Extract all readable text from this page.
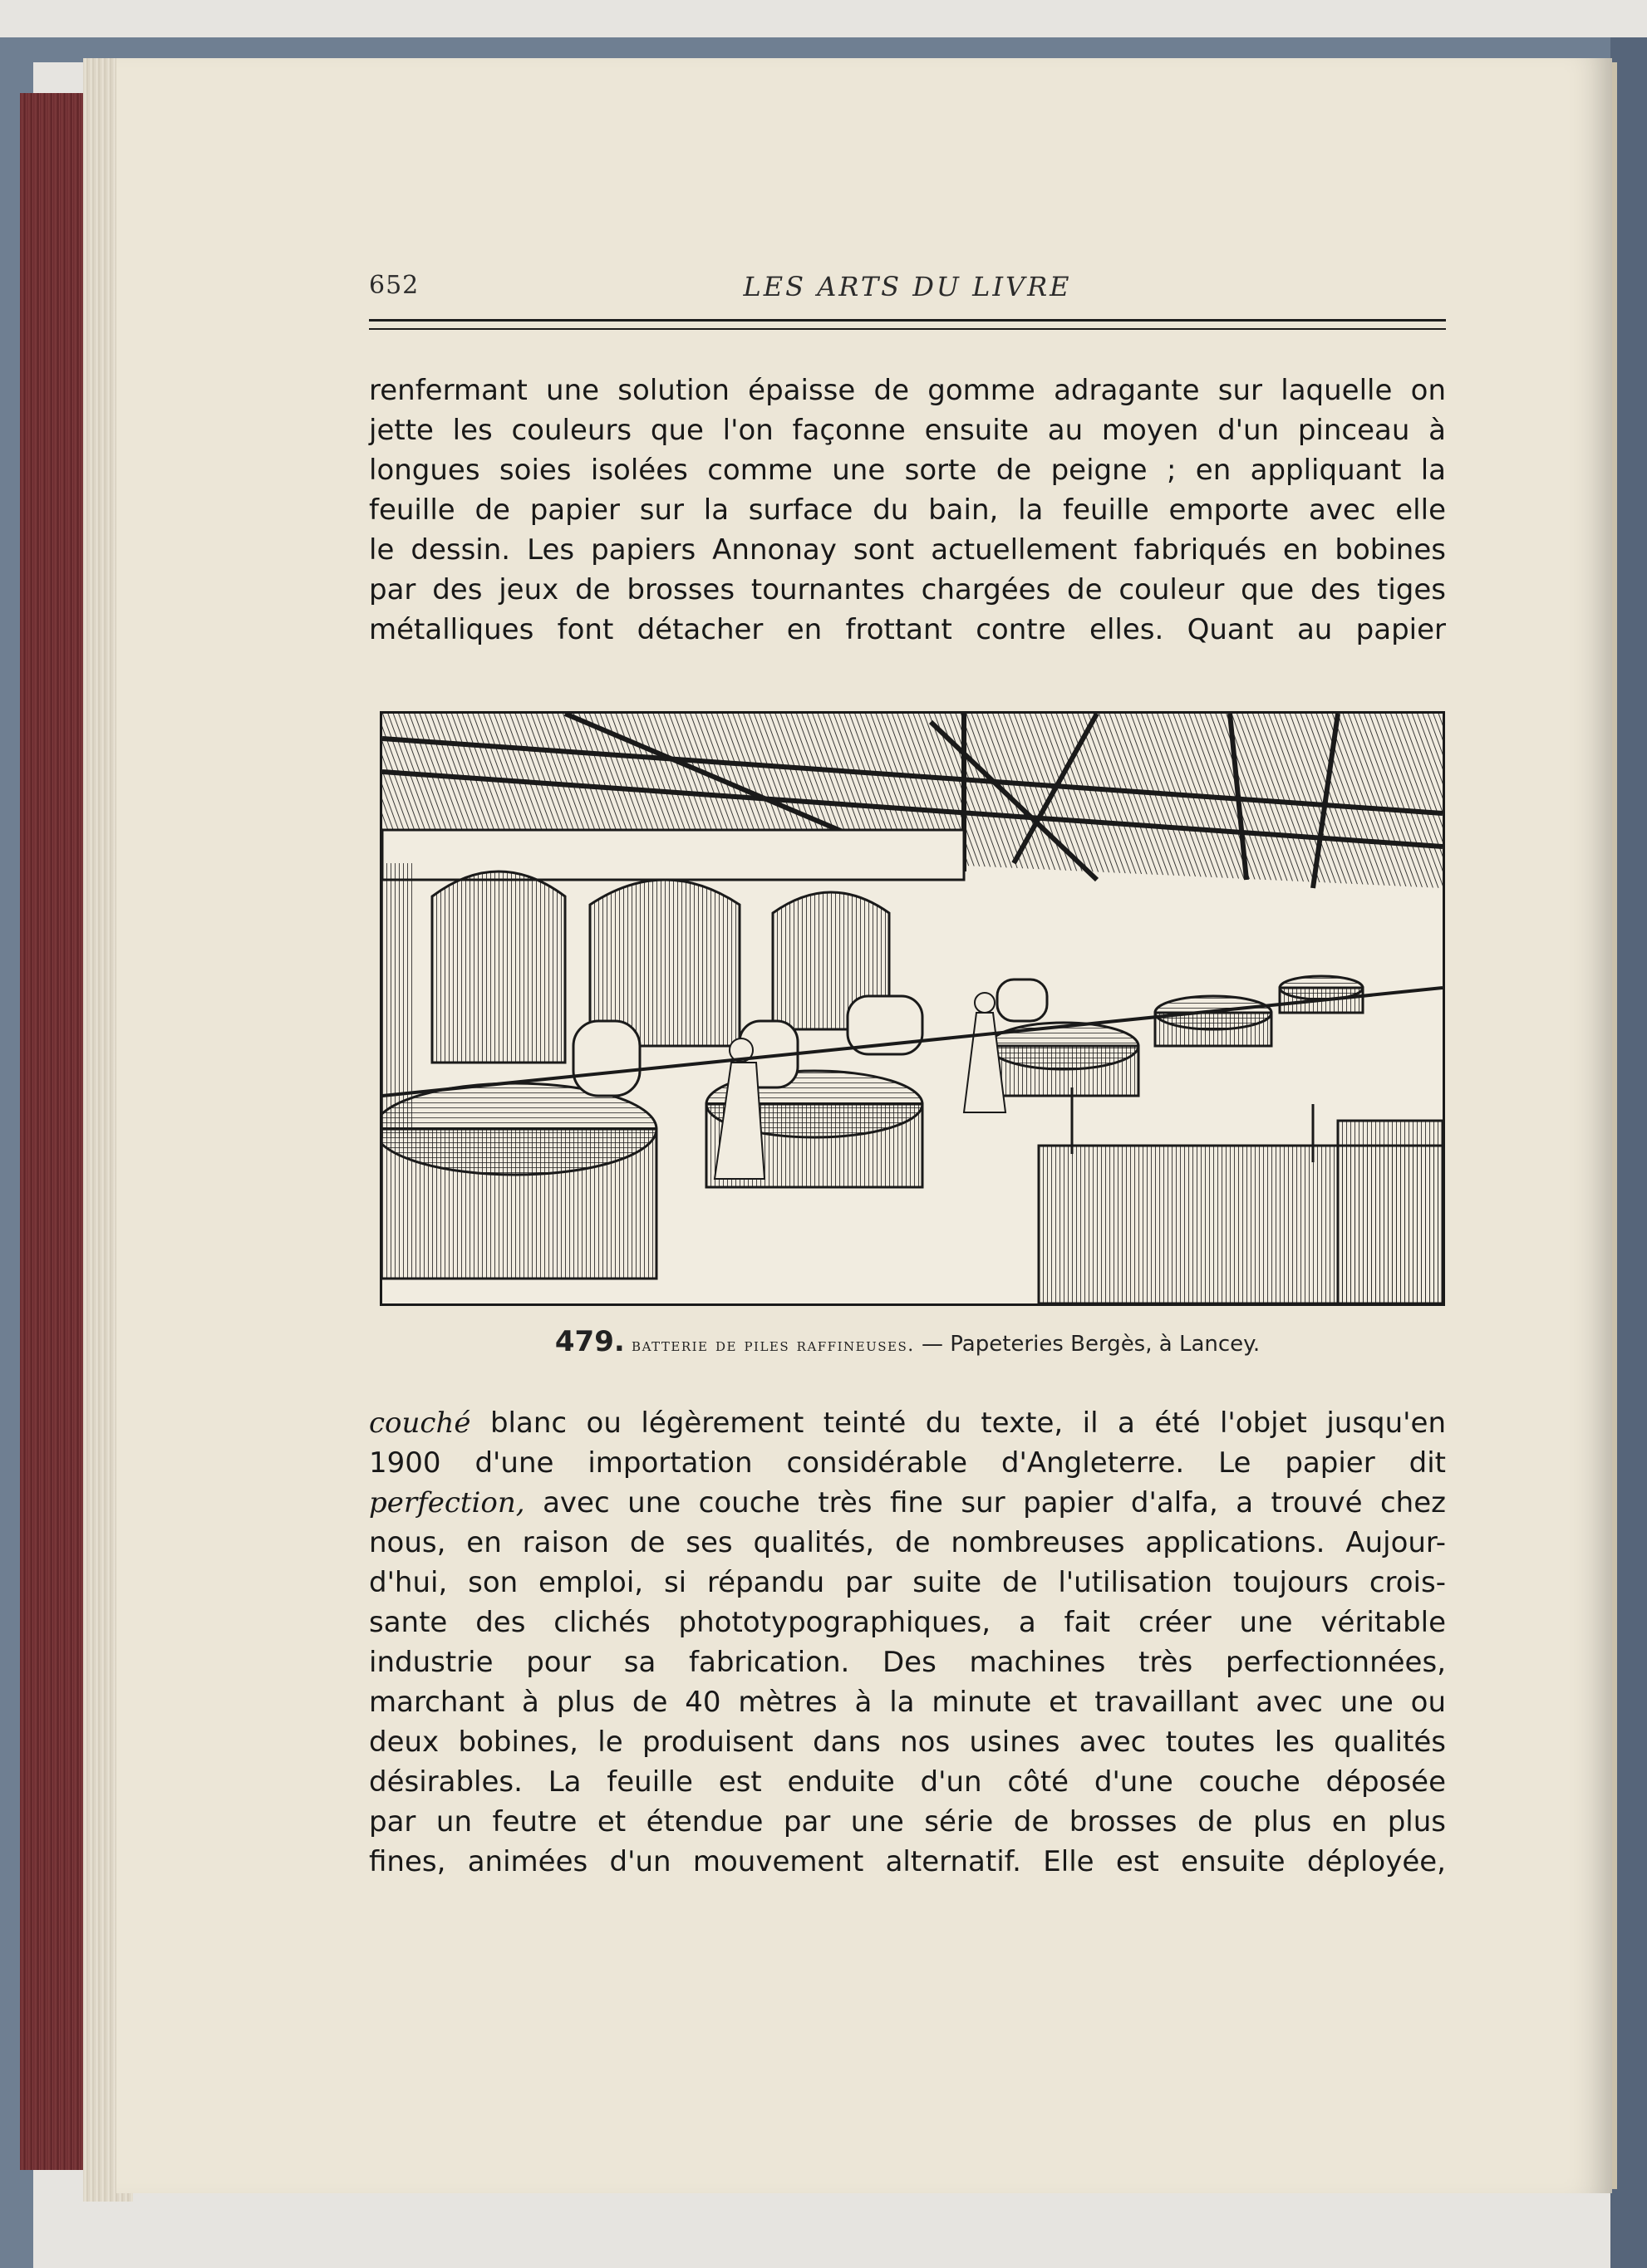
652	LES ARTS DU LIVRE
renfermant une solution épaisse de gomme adragante sur laquelle on
jette les couleurs que l'on façonne ensuite au moyen d'un pinceau à
longues soies isolées comme une sorte de peigne ; en appliquant la
feuille de papier sur la surface du bain, la feuille emporte avec elle
le dessin. Les papiers Annonay sont actuellement fabriqués en bobines
par des jeux de brosses tournantes chargées de couleur que des tiges
métalliques font détacher en frottant contre elles. Quant au papier
479. batterie de piles raffineuses. — Papeteries Bergès, à Lancey.
couché blanc ou légèrement teinté du texte, il a été l'objet jusqu'en
1900 d'une importation considérable d'Angleterre. Le papier dit
perfection, avec une couche très fine sur papier d'alfa, a trouvé chez
nous, en raison de ses qualités, de nombreuses applications. Aujour-
d'hui, son emploi, si répandu par suite de l'utilisation toujours crois-
sante des clichés phototypographiques, a fait créer une véritable
industrie pour sa fabrication. Des machines très perfectionnées,
marchant à plus de 40 mètres à la minute et travaillant avec une ou
deux bobines, le produisent dans nos usines avec toutes les qualités
désirables. La feuille est enduite d'un côté d'une couche déposée
par un feutre et étendue par une série de brosses de plus en plus
fines, animées d'un mouvement alternatif. Elle est ensuite déployée,
